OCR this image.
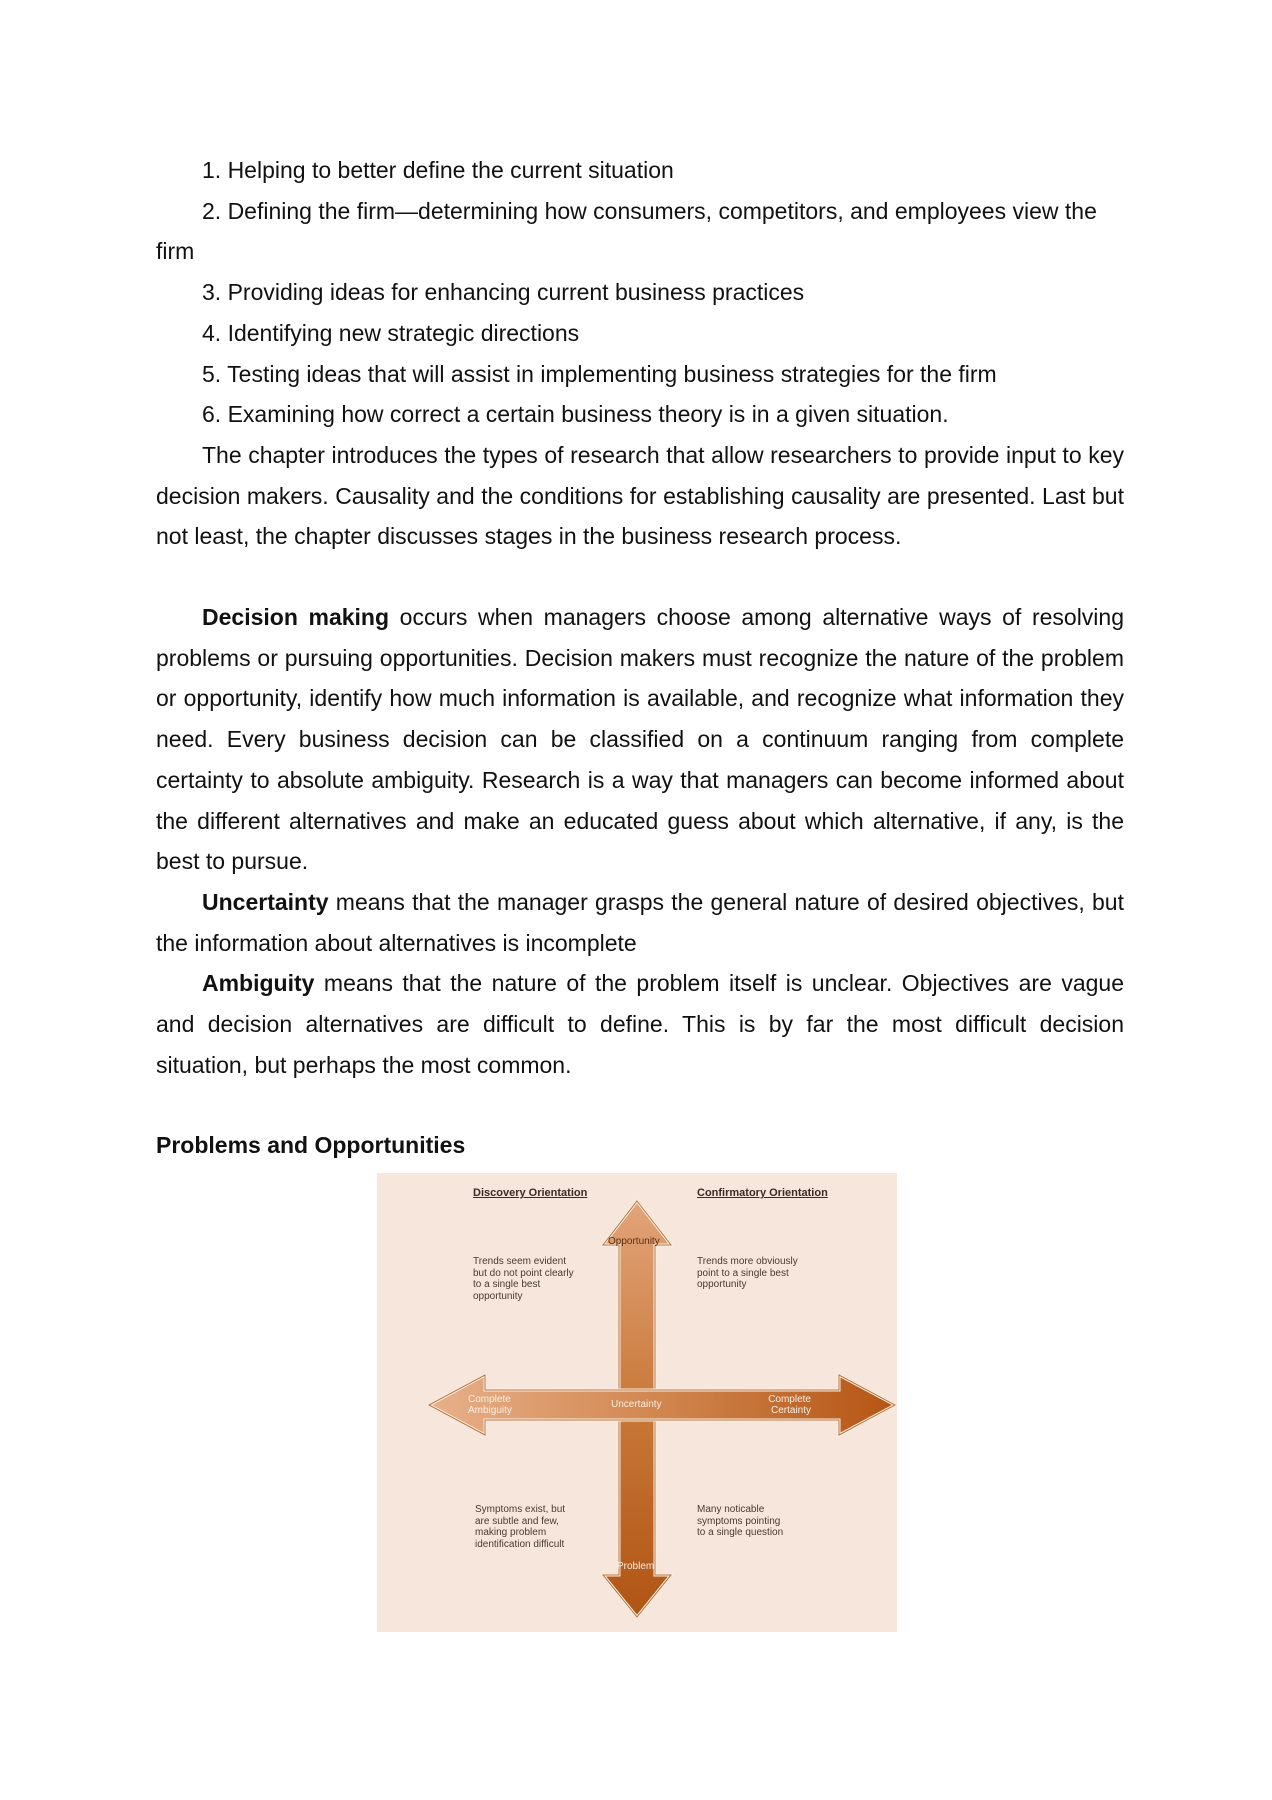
1. Helping to better define the current situation

2. Defining the firm—determining how consumers, competitors, and employees view the firm

3. Providing ideas for enhancing current business practices

4. Identifying new strategic directions

5. Testing ideas that will assist in implementing business strategies for the firm

6. Examining how correct a certain business theory is in a given situation.

The chapter introduces the types of research that allow researchers to provide input to key decision makers. Causality and the conditions for establishing causality are presented. Last but not least, the chapter discusses stages in the business research process.

Decision making occurs when managers choose among alternative ways of resolving problems or pursuing opportunities. Decision makers must recognize the nature of the problem or opportunity, identify how much information is available, and recognize what information they need. Every business decision can be classified on a continuum ranging from complete certainty to absolute ambiguity. Research is a way that managers can become informed about the different alternatives and make an educated guess about which alternative, if any, is the best to pursue.

Uncertainty means that the manager grasps the general nature of desired objectives, but the information about alternatives is incomplete

Ambiguity means that the nature of the problem itself is unclear. Objectives are vague and decision alternatives are difficult to define. This is by far the most difficult decision situation, but perhaps the most common.

Problems and Opportunities

Discovery Orientation	Confirmatory Orientation
Trends seem evident
but do not point clearly
to a single best
opportunity
Trends more obviously
point to a single best
opportunity
Symptoms exist, but
are subtle and few,
making problem
identification difficult
Many noticable
symptoms pointing
to a single question
Opportunity
Problem
Complete
Ambiguity
Uncertainty	Complete
Certainty
